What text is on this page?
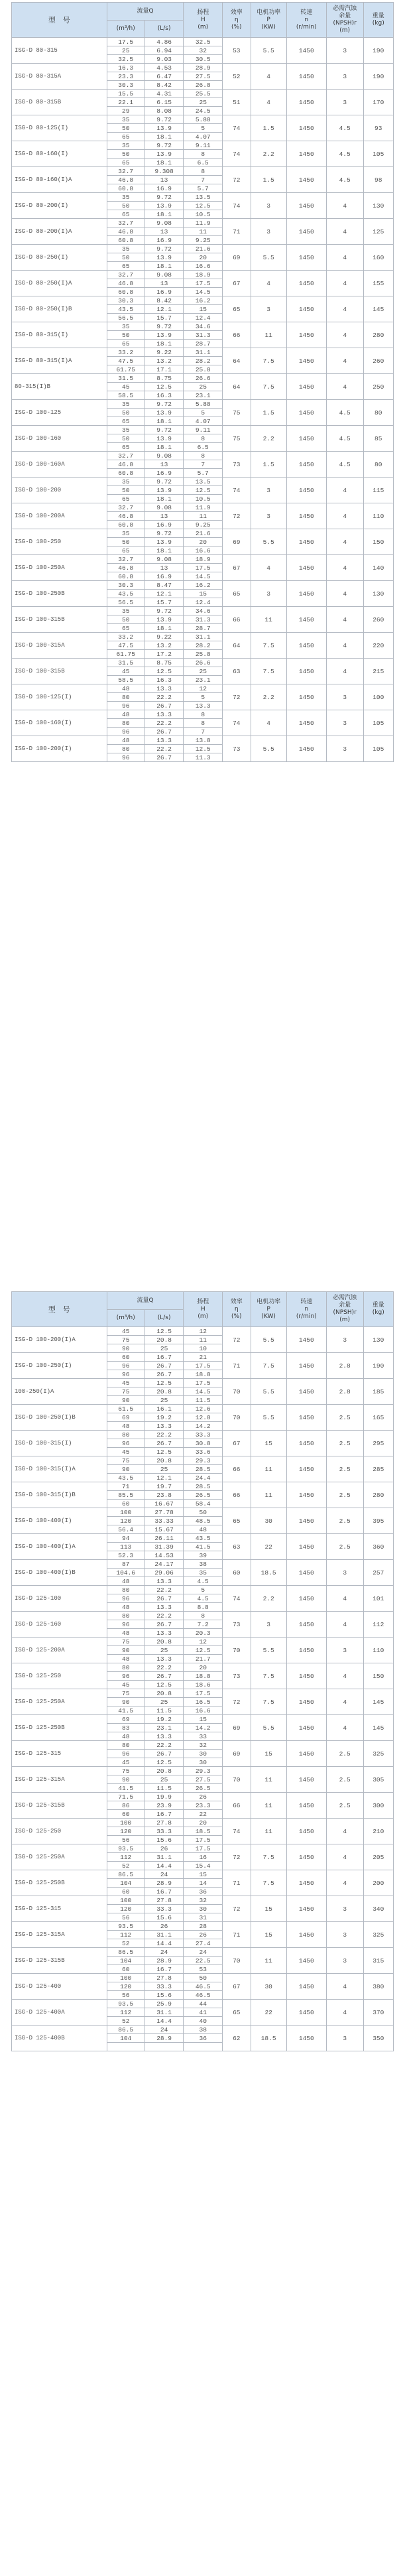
型　号	流量Q		扬程
H
(m)	效率
η
(%)	电机功率
P
(KW)	转速
n
(r/min)	必需汽蚀
余量
(NPSH)r
(m)	重量
(kg)
	(m³/h)	(L/s)						
ISG-D 80-315	17.5	4.86	32.5	53	5.5	1450	3	190
	25	6.94	32					
	32.5	9.03	30.5					
ISG-D 80-315A	16.3	4.53	28.9	52	4	1450	3	190
	23.3	6.47	27.5					
	30.3	8.42	26.8					
ISG-D 80-315B	15.5	4.31	25.5	51	4	1450	3	170
	22.1	6.15	25					
	29	8.08	24.5					
ISG-D 80-125(I)	35	9.72	5.88	74	1.5	1450	4.5	93
	50	13.9	5					
	65	18.1	4.07					
ISG-D 80-160(I)	35	9.72	9.11	74	2.2	1450	4.5	105
	50	13.9	8					
	65	18.1	6.5					
ISG-D 80-160(I)A	32.7	9.308	8	72	1.5	1450	4.5	98
	46.8	13	7					
	60.8	16.9	5.7					
ISG-D 80-200(I)	35	9.72	13.5	74	3	1450	4	130
	50	13.9	12.5					
	65	18.1	10.5					
ISG-D 80-200(I)A	32.7	9.08	11.9	71	3	1450	4	125
	46.8	13	11					
	60.8	16.9	9.25					
ISG-D 80-250(I)	35	9.72	21.6	69	5.5	1450	4	160
	50	13.9	20					
	65	18.1	16.6					
ISG-D 80-250(I)A	32.7	9.08	18.9	67	4	1450	4	155
	46.8	13	17.5					
	60.8	16.9	14.5					
ISG-D 80-250(I)B	30.3	8.42	16.2	65	3	1450	4	145
	43.5	12.1	15					
	56.5	15.7	12.4					
ISG-D 80-315(I)	35	9.72	34.6	66	11	1450	4	280
	50	13.9	31.3					
	65	18.1	28.7					
ISG-D 80-315(I)A	33.2	9.22	31.1	64	7.5	1450	4	260
	47.5	13.2	28.2					
	61.75	17.1	25.8					
80-315(I)B	31.5	8.75	26.6	64	7.5	1450	4	250
	45	12.5	25					
	58.5	16.3	23.1					
ISG-D 100-125	35	9.72	5.88	75	1.5	1450	4.5	80
	50	13.9	5					
	65	18.1	4.07					
ISG-D 100-160	35	9.72	9.11	75	2.2	1450	4.5	85
	50	13.9	8					
	65	18.1	6.5					
ISG-D 100-160A	32.7	9.08	8	73	1.5	1450	4.5	80
	46.8	13	7					
	60.8	16.9	5.7					
ISG-D 100-200	35	9.72	13.5	74	3	1450	4	115
	50	13.9	12.5					
	65	18.1	10.5					
ISG-D 100-200A	32.7	9.08	11.9	72	3	1450	4	110
	46.8	13	11					
	60.8	16.9	9.25					
ISG-D 100-250	35	9.72	21.6	69	5.5	1450	4	150
	50	13.9	20					
	65	18.1	16.6					
ISG-D 100-250A	32.7	9.08	18.9	67	4	1450	4	140
	46.8	13	17.5					
	60.8	16.9	14.5					
ISG-D 100-250B	30.3	8.47	16.2	65	3	1450	4	130
	43.5	12.1	15					
	56.5	15.7	12.4					
ISG-D 100-315B	35	9.72	34.6	66	11	1450	4	260
	50	13.9	31.3					
	65	18.1	28.7					
ISG-D 100-315A	33.2	9.22	31.1	64	7.5	1450	4	220
	47.5	13.2	28.2					
	61.75	17.2	25.8					
ISG-D 100-315B	31.5	8.75	26.6	63	7.5	1450	4	215
	45	12.5	25					
	58.5	16.3	23.1					
ISG-D 100-125(I)	48	13.3	12	72	2.2	1450	3	100
	80	22.2	5					
	96	26.7	13.3					
ISG-D 100-160(I)	48	13.3	8	74	4	1450	3	105
	80	22.2	8					
	96	26.7	7					
ISG-D 100-200(I)	48	13.3	13.8	73	5.5	1450	3	105
	80	22.2	12.5					
	96	26.7	11.3					
型　号	流量Q		扬程
H
(m)	效率
η
(%)	电机功率
P
(KW)	转速
n
(r/min)	必需汽蚀
余量
(NPSH)r
(m)	重量
(kg)
	(m³/h)	(L/s)						
ISG-D 100-200(I)A	45	12.5	12	72	5.5	1450	3	130
	75	20.8	11					
	90	25	10					
ISG-D 100-250(I)	60	16.7	21	71	7.5	1450	2.8	190
	96	26.7	17.5					
	96	26.7	18.8					
100-250(I)A	45	12.5	17.5	70	5.5	1450	2.8	185
	75	20.8	14.5					
	90	25	11.5					
ISG-D 100-250(I)B	61.5	16.1	12.6	70	5.5	1450	2.5	165
	69	19.2	12.8					
	48	13.3	14.2					
ISG-D 100-315(I)	80	22.2	33.3	67	15	1450	2.5	295
	96	26.7	30.8					
	45	12.5	33.6					
ISG-D 100-315(I)A	75	20.8	29.3	66	11	1450	2.5	285
	90	25	28.5					
	43.5	12.1	24.4					
ISG-D 100-315(I)B	71	19.7	28.5	66	11	1450	2.5	280
	85.5	23.8	26.5					
	60	16.67	58.4					
ISG-D 100-400(I)	100	27.78	50	65	30	1450	2.5	395
	120	33.33	48.5					
	56.4	15.67	48					
ISG-D 100-400(I)A	94	26.11	43.5	63	22	1450	2.5	360
	113	31.39	41.5					
	52.3	14.53	39					
ISG-D 100-400(I)B	87	24.17	38	60	18.5	1450	3	257
	104.6	29.06	35					
	48	13.3	4.5					
ISG-D 125-100	80	22.2	5	74	2.2	1450	4	101
	96	26.7	4.5					
	48	13.3	8.8					
ISG-D 125-160	80	22.2	8	73	3	1450	4	112
	96	26.7	7.2					
	48	13.3	20.3					
ISG-D 125-200A	75	20.8	12	70	5.5	1450	3	110
	90	25	12.5					
	48	13.3	21.7					
ISG-D 125-250	80	22.2	20	73	7.5	1450	4	150
	96	26.7	18.8					
	45	12.5	18.6					
ISG-D 125-250A	75	20.8	17.5	72	7.5	1450	4	145
	90	25	16.5					
	41.5	11.5	16.6					
ISG-D 125-250B	69	19.2	15	69	5.5	1450	4	145
	83	23.1	14.2					
	48	13.3	33					
ISG-D 125-315	80	22.2	32	69	15	1450	2.5	325
	96	26.7	30					
	45	12.5	30					
ISG-D 125-315A	75	20.8	29.3	70	11	1450	2.5	305
	90	25	27.5					
	41.5	11.5	26.5					
ISG-D 125-315B	71.5	19.9	26	66	11	1450	2.5	300
	86	23.9	23.3					
	60	16.7	22					
ISG-D 125-250	100	27.8	20	74	11	1450	4	210
	120	33.3	18.5					
	56	15.6	17.5					
ISG-D 125-250A	93.5	26	17.5	72	7.5	1450	4	205
	112	31.1	16					
	52	14.4	15.4					
ISG-D 125-250B	86.5	24	15	71	7.5	1450	4	200
	104	28.9	14					
	60	16.7	36					
ISG-D 125-315	100	27.8	32	72	15	1450	3	340
	120	33.3	30					
	56	15.6	31					
ISG-D 125-315A	93.5	26	28	71	15	1450	3	325
	112	31.1	26					
	52	14.4	27.4					
ISG-D 125-315B	86.5	24	24	70	11	1450	3	315
	104	28.9	22.5					
	60	16.7	53					
ISG-D 125-400	100	27.8	50	67	30	1450	4	380
	120	33.3	46.5					
	56	15.6	46.5					
ISG-D 125-400A	93.5	25.9	44	65	22	1450	4	370
	112	31.1	41					
	52	14.4	40					
ISG-D 125-400B	86.5	24	38	62	18.5	1450	3	350
	104	28.9	36					
